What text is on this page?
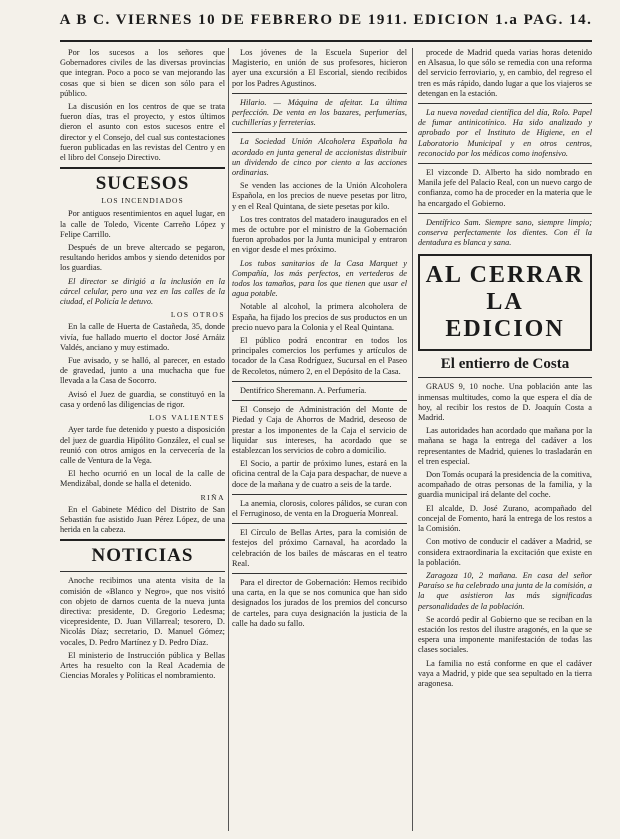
A B C. VIERNES 10 DE FEBRERO DE 1911. EDICION 1.a PAG. 14.

Por los sucesos a los señores que Gobernadores civiles de las diversas provincias que integran. Poco a poco se van mejorando las cosas que si bien se dicen son sólo para el público.

La discusión en los centros de que se trata fueron días, tras el proyecto, y estos últimos dieron el asunto con estos sucesos entre el director y el Consejo, del cual sus contestaciones fueron publicadas en las revistas del Centro y en el libro del Consejo Directivo.

SUCESOS
LOS INCENDIADOS

Por antiguos resentimientos en aquel lugar, en la calle de Toledo, Vicente Carreño López y Felipe Carrillo.

Después de un breve altercado se pegaron, resultando heridos ambos y siendo detenidos por los guardias.

El director se dirigió a la inclusión en la cárcel celular, pero una vez en las calles de la ciudad, el Policía le detuvo.

LOS OTROS

En la calle de Huerta de Castañeda, 35, donde vivía, fue hallado muerto el doctor José Arnáiz Valdés, anciano y muy estimado.

Fue avisado, y se halló, al parecer, en estado de gravedad, junto a una muchacha que fue llevada a la Casa de Socorro.

Avisó el Juez de guardia, se constituyó en la casa y ordenó las diligencias de rigor.

LOS VALIENTES

Ayer tarde fue detenido y puesto a disposición del juez de guardia Hipólito González, el cual se reunió con otros amigos en la cervecería de la calle de Ventura de la Vega.

El hecho ocurrió en un local de la calle de Mendizábal, donde se halla el detenido.

RIÑA

En el Gabinete Médico del Distrito de San Sebastián fue asistido Juan Pérez López, de una herida en la cabeza.

NOTICIAS

Anoche recibimos una atenta visita de la comisión de «Blanco y Negro», que nos visitó con objeto de darnos cuenta de la nueva junta directiva: presidente, D. Gregorio Ledesma; vicepresidente, D. Juan Villarreal; tesorero, D. Nicolás Díaz; secretario, D. Manuel Gómez; vocales, D. Pedro Martínez y D. Pedro Díaz.

El ministerio de Instrucción pública y Bellas Artes ha resuelto con la Real Academia de Ciencias Morales y Políticas el nombramiento.

Los jóvenes de la Escuela Superior del Magisterio, en unión de sus profesores, hicieron ayer una excursión a El Escorial, siendo recibidos por los Padres Agustinos.

Hilario. — Máquina de afeitar. La última perfección. De venta en los bazares, perfumerías, cuchillerías y ferreterías.

La Sociedad Unión Alcoholera Española ha acordado en junta general de accionistas distribuir un dividendo de cinco por ciento a las acciones ordinarias.

Se venden las acciones de la Unión Alcoholera Española, en los precios de nueve pesetas por litro, y en el Real Quintana, de siete pesetas por kilo.

Los tres contratos del matadero inaugurados en el mes de octubre por el ministro de la Gobernación fueron aprobados por la Junta municipal y entraron en vigor desde el mes próximo.

Los tubos sanitarios de la Casa Marquet y Compañía, los más perfectos, en vertederos de todos los tamaños, para los que tienen que usar el agua potable.

Notable al alcohol, la primera alcoholera de España, ha fijado los precios de sus productos en un precio nuevo para la Colonia y el Real Quintana.

El público podrá encontrar en todos los principales comercios los perfumes y artículos de tocador de la Casa Rodríguez, Sucursal en el Paseo de Recoletos, número 2, en el Depósito de la Casa.

Dentifrico Sheremann. A. Perfumería.

El Consejo de Administración del Monte de Piedad y Caja de Ahorros de Madrid, deseoso de prestar a los imponentes de la Caja el servicio de liquidar sus intereses, ha acordado que se establezcan los servicios de cobro a domicilio.

El Socio, a partir de próximo lunes, estará en la oficina central de la Caja para despachar, de nueve a doce de la mañana y de cuatro a seis de la tarde.

La anemia, clorosis, colores pálidos, se curan con el Ferruginoso, de venta en la Droguería Monreal.

El Círculo de Bellas Artes, para la comisión de festejos del próximo Carnaval, ha acordado la celebración de los bailes de máscaras en el teatro Real.

Para el director de Gobernación: Hemos recibido una carta, en la que se nos comunica que han sido designados los jurados de los premios del concurso de carteles, para cuya designación la justicia de la calle ha dado su fallo.

procede de Madrid queda varias horas detenido en Alsasua, lo que sólo se remedia con una reforma del servicio ferroviario, y, en cambio, del regreso el tren es más rápido, dando lugar a que los viajeros se detengan en la estación.

La nueva novedad científica del día, Rolo. Papel de fumar antinicotínico. Ha sido analizado y aprobado por el Instituto de Higiene, en el Laboratorio Municipal y en otros centros, reconocido por los médicos como inofensivo.

El vizconde D. Alberto ha sido nombrado en Manila jefe del Palacio Real, con un nuevo cargo de confianza, como ha de proceder en la materia que le ha encargado el Gobierno.

Dentífrico Sam. Siempre sano, siempre limpio; conserva perfectamente los dientes. Con él la dentadura es blanca y sana.

AL CERRAR
LA EDICION
El entierro de Costa

GRAUS 9, 10 noche. Una población ante las inmensas multitudes, como la que espera el día de hoy, al recibir los restos de D. Joaquín Costa a Madrid.

Las autoridades han acordado que mañana por la mañana se haga la entrega del cadáver a los representantes de Madrid, quienes lo trasladarán en el tren especial.

Don Tomás ocupará la presidencia de la comitiva, acompañado de otras personas de la familia, y la guardia municipal irá delante del coche.

El alcalde, D. José Zurano, acompañado del concejal de Fomento, hará la entrega de los restos a la Comisión.

Con motivo de conducir el cadáver a Madrid, se considera extraordinaria la excitación que existe en la población.

Zaragoza 10, 2 mañana. En casa del señor Paraíso se ha celebrado una junta de la comisión, a la que asistieron las más significadas personalidades de la población.

Se acordó pedir al Gobierno que se reciban en la estación los restos del ilustre aragonés, en la que se espera una imponente manifestación de todas las clases sociales.

La familia no está conforme en que el cadáver vaya a Madrid, y pide que sea sepultado en la tierra aragonesa.
